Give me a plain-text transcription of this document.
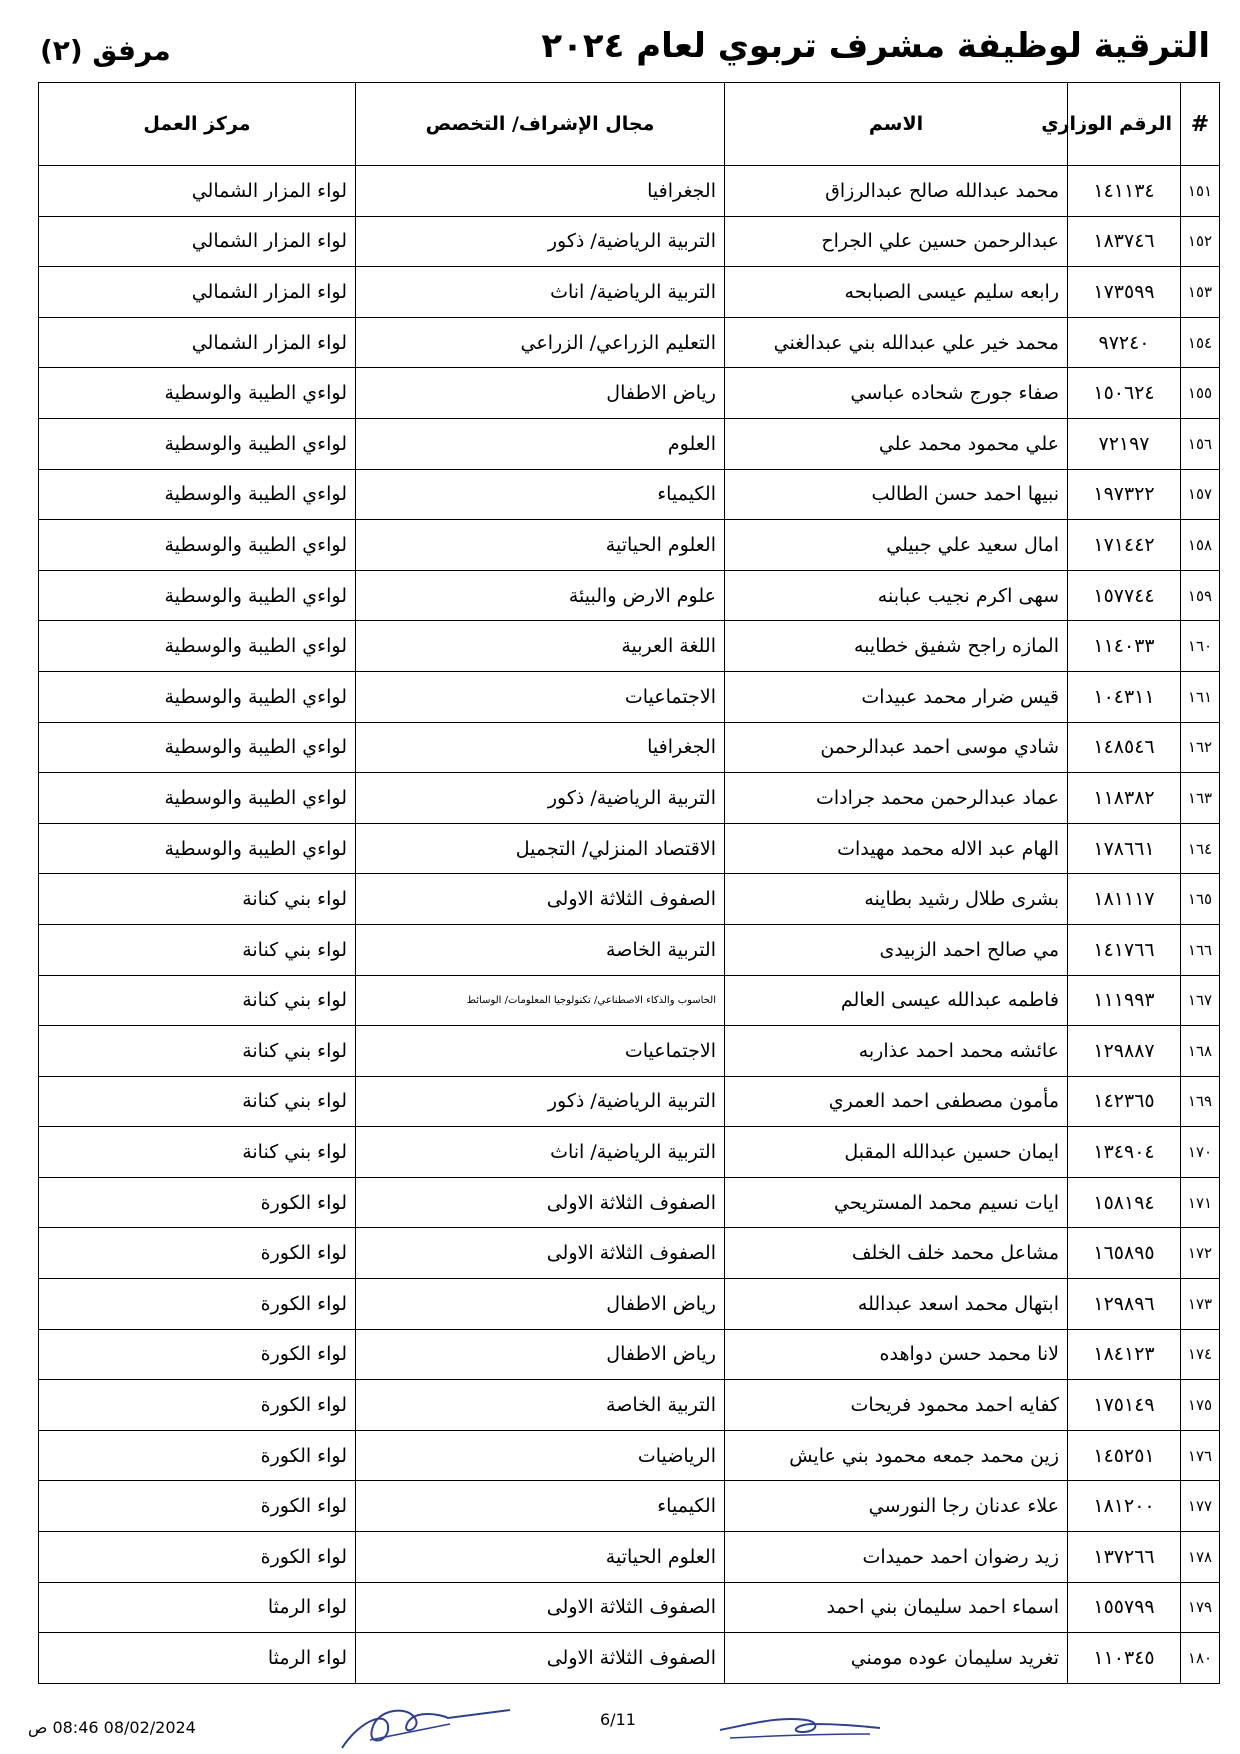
الترقية لوظيفة مشرف تربوي لعام ٢٠٢٤
مرفق (٢)
#	الرقم الوزاري	الاسم	مجال الإشراف/ التخصص	مركز العمل
١٥١	١٤١١٣٤	محمد عبدالله صالح عبدالرزاق	الجغرافيا	لواء المزار الشمالي
١٥٢	١٨٣٧٤٦	عبدالرحمن حسين علي الجراح	التربية الرياضية/ ذكور	لواء المزار الشمالي
١٥٣	١٧٣٥٩٩	رابعه سليم عيسى الصبابحه	التربية الرياضية/ اناث	لواء المزار الشمالي
١٥٤	٩٧٢٤٠	محمد خير علي عبدالله بني عبدالغني	التعليم الزراعي/ الزراعي	لواء المزار الشمالي
١٥٥	١٥٠٦٢٤	صفاء جورج شحاده عباسي	رياض الاطفال	لواءي الطيبة والوسطية
١٥٦	٧٢١٩٧	علي محمود محمد علي	العلوم	لواءي الطيبة والوسطية
١٥٧	١٩٧٣٢٢	نبيها احمد حسن الطالب	الكيمياء	لواءي الطيبة والوسطية
١٥٨	١٧١٤٤٢	امال سعيد علي جبيلي	العلوم الحياتية	لواءي الطيبة والوسطية
١٥٩	١٥٧٧٤٤	سهى اكرم نجيب عبابنه	علوم الارض والبيئة	لواءي الطيبة والوسطية
١٦٠	١١٤٠٣٣	المازه راجح شفيق خطايبه	اللغة العربية	لواءي الطيبة والوسطية
١٦١	١٠٤٣١١	قيس ضرار محمد عبيدات	الاجتماعيات	لواءي الطيبة والوسطية
١٦٢	١٤٨٥٤٦	شادي موسى احمد عبدالرحمن	الجغرافيا	لواءي الطيبة والوسطية
١٦٣	١١٨٣٨٢	عماد عبدالرحمن محمد جرادات	التربية الرياضية/ ذكور	لواءي الطيبة والوسطية
١٦٤	١٧٨٦٦١	الهام عبد الاله محمد مهيدات	الاقتصاد المنزلي/ التجميل	لواءي الطيبة والوسطية
١٦٥	١٨١١١٧	بشرى طلال رشيد بطاينه	الصفوف الثلاثة الاولى	لواء بني كنانة
١٦٦	١٤١٧٦٦	مي صالح احمد الزبيدى	التربية الخاصة	لواء بني كنانة
١٦٧	١١١٩٩٣	فاطمه عبدالله عيسى العالم	الحاسوب والذكاء الاصطناعي/ تكنولوجيا المعلومات/ الوسائط	لواء بني كنانة
١٦٨	١٢٩٨٨٧	عائشه محمد احمد عذاربه	الاجتماعيات	لواء بني كنانة
١٦٩	١٤٢٣٦٥	مأمون مصطفى احمد العمري	التربية الرياضية/ ذكور	لواء بني كنانة
١٧٠	١٣٤٩٠٤	ايمان حسين عبدالله المقبل	التربية الرياضية/ اناث	لواء بني كنانة
١٧١	١٥٨١٩٤	ايات نسيم محمد المستريحي	الصفوف الثلاثة الاولى	لواء الكورة
١٧٢	١٦٥٨٩٥	مشاعل محمد خلف الخلف	الصفوف الثلاثة الاولى	لواء الكورة
١٧٣	١٢٩٨٩٦	ابتهال محمد اسعد عبدالله	رياض الاطفال	لواء الكورة
١٧٤	١٨٤١٢٣	لانا محمد حسن دواهده	رياض الاطفال	لواء الكورة
١٧٥	١٧٥١٤٩	كفايه احمد محمود فريحات	التربية الخاصة	لواء الكورة
١٧٦	١٤٥٢٥١	زين محمد جمعه محمود بني عايش	الرياضيات	لواء الكورة
١٧٧	١٨١٢٠٠	علاء عدنان رجا النورسي	الكيمياء	لواء الكورة
١٧٨	١٣٧٢٦٦	زيد رضوان احمد حميدات	العلوم الحياتية	لواء الكورة
١٧٩	١٥٥٧٩٩	اسماء احمد سليمان بني احمد	الصفوف الثلاثة الاولى	لواء الرمثا
١٨٠	١١٠٣٤٥	تغريد سليمان عوده مومني	الصفوف الثلاثة الاولى	لواء الرمثا
08/02/2024 08:46 ص	6/11
